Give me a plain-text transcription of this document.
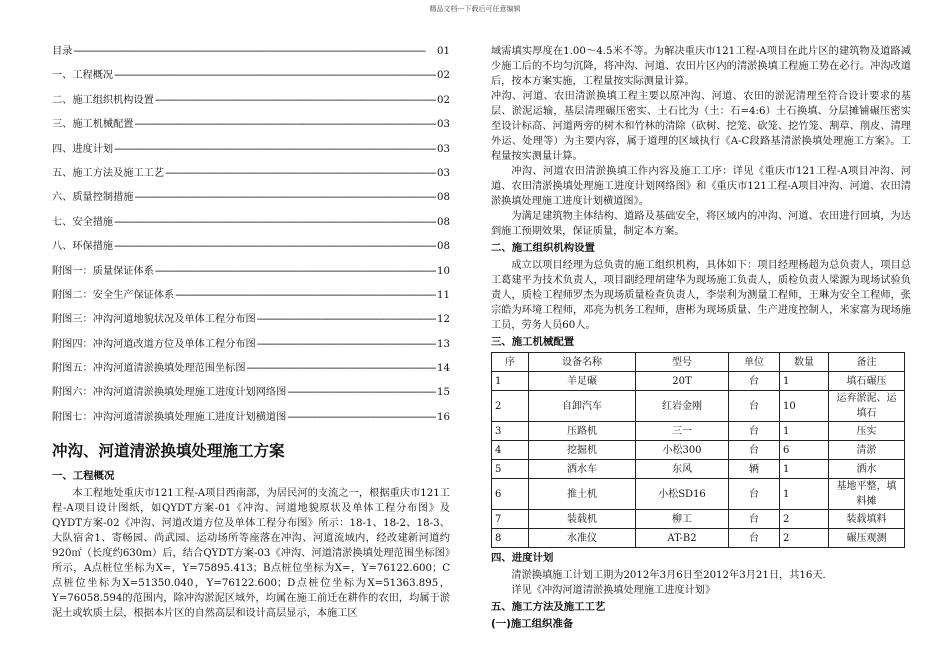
精品文档---下载后可任意编辑
目录 -----	01
一、工程概况 -----	02
二、施工组织机构设置 -----	02
三、施工机械配置 -----	03
四、进度计划 -----	03
五、施工方法及施工工艺 -----	03
六、质量控制措施 -----	08
七、安全措施 -----	08
八、环保措施 -----	08
附图一：质量保证体系 -----	10
附图二：安全生产保证体系 -----	11
附图三：冲沟河道地貌状况及单体工程分布图 -----	12
附图四：冲沟河道改道方位及单体工程分布图 -----	13
附图五：冲沟河道清淤换填处理范围坐标图 -----	14
附图六：冲沟河道清淤换填处理施工进度计划网络图 -----	15
附图七：冲沟河道清淤换填处理施工进度计划横道图 -----	16
冲沟、河道清淤换填处理施工方案
一、工程概况

本工程地处重庆市121工程-A项目西南部，为居民河的支流之一，根据重庆市121工程-A项目设计图纸，如QYDT方案-01《冲沟、河道地貌原状及单体工程分布图》及QYDT方案-02《冲沟、河道改道方位及单体工程分布图》所示：18-1、18-2、18-3、大队宿舍1、寄畅园、尚武园、运动场所等座落在冲沟、河道流域内，经改建新河道约920㎡（长度约630m）后，结合QYDT方案-03《冲沟、河道清淤换填处理范围坐标图》所示，A点桩位坐标为X=，Y=75895.413；B点桩位坐标为X=，Y=76122.600；C点桩位坐标为X=51350.040，Y=76122.600；D点桩位坐标为X=51363.895，Y=76058.594的范围内，除冲沟淤泥区域外，均属在施工前迁在耕作的农田，均属于淤泥土或软质土层，根据本片区的自然高层和设计高层显示，本施工区

域需填实厚度在1.00～4.5米不等。为解决重庆市121工程-A项目在此片区的建筑物及道路减少施工后的不均匀沉降，将冲沟、河道、农田片区内的清淤换填工程施工势在必行。冲沟改道后，按本方案实施，工程量按实际测量计算。

冲沟、河道、农田清淤换填工程主要以原冲沟、河道、农田的淤泥清理至符合设计要求的基层、淤泥运输，基层清理碾压密实、土石比为（土：石=4:6）土石换填、分层摊铺碾压密实至设计标高、河道两旁的树木和竹林的清除（砍树、挖笼、砍笼、挖竹笼、割草、削皮、清理外运、处理等）为主要内容，属于道理的区域执行《A-C段路基清淤换填处理施工方案》。工程量按实测量计算。

冲沟、河道农田清淤换填工作内容及施工工序：详见《重庆市121工程-A项目冲沟、河道、农田清淤换填处理施工进度计划网络图》和《重庆市121工程-A项目冲沟、河道、农田清淤换填处理施工进度计划横道图》。

为满足建筑物主体结构、道路及基础安全，将区域内的冲沟、河道、农田进行回填，为达到施工预期效果，保证质量，制定本方案。

二、施工组织机构设置

成立以项目经理为总负责的施工组织机构，具体如下：项目经理杨超为总负责人，项目总工葛建平为技术负责人，项目副经理胡建华为现场施工负责人，质检负责人梁源为现场试验负责人，质检工程师罗杰为现场质量检查负责人，李崇利为测量工程师，王琳为安全工程师，张宗皓为环境工程师，邓亮为机务工程师，唐彬为现场质量、生产进度控制人，米家富为现场施工员，劳务人员60人。

三、施工机械配置
序	设备名称	型号	单位	数量	备注
1	羊足碾	20T	台	1	填石碾压
2	自卸汽车	红岩金刚	台	10	运弃淤泥、运填石
3	压路机	三一	台	1	压实
4	挖掘机	小松300	台	6	清淤
5	洒水车	东风	辆	1	洒水
6	推土机	小松SD16	台	1	基地平整，填料摊
7	装载机	柳工	台	2	装载填料
8	水准仪	AT-B2	台	2	碾压观测
四、进度计划

清淤换填施工计划工期为2012年3月6日至2012年3月21日，共16天.

详见《冲沟河道清淤换填处理施工进度计划》

五、施工方法及施工工艺
(一)施工组织准备
